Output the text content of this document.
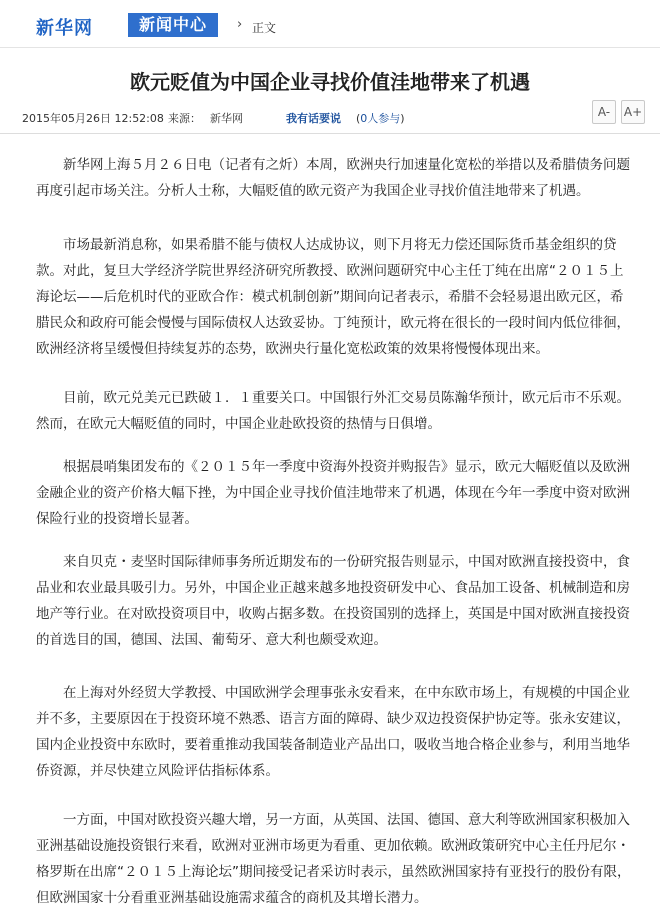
新华网	新闻中心	› 正文
欧元贬值为中国企业寻找价值洼地带来了机遇
2015年05月26日 12:52:08 来源： 新华网	我有话要说 (0人参与)	A-	A+

新华网上海５月２６日电（记者有之炘）本周，欧洲央行加速量化宽松的举措以及希腊债务问题再度引起市场关注。分析人士称，大幅贬值的欧元资产为我国企业寻找价值洼地带来了机遇。

市场最新消息称，如果希腊不能与债权人达成协议，则下月将无力偿还国际货币基金组织的贷款。对此，复旦大学经济学院世界经济研究所教授、欧洲问题研究中心主任丁纯在出席“２０１５上海论坛——后危机时代的亚欧合作：模式机制创新”期间向记者表示，希腊不会轻易退出欧元区，希腊民众和政府可能会慢慢与国际债权人达致妥协。丁纯预计，欧元将在很长的一段时间内低位徘徊，欧洲经济将呈缓慢但持续复苏的态势，欧洲央行量化宽松政策的效果将慢慢体现出来。

目前，欧元兑美元已跌破１．１重要关口。中国银行外汇交易员陈瀚华预计，欧元后市不乐观。然而，在欧元大幅贬值的同时，中国企业赴欧投资的热情与日俱增。

根据晨哨集团发布的《２０１５年一季度中资海外投资并购报告》显示，欧元大幅贬值以及欧洲金融企业的资产价格大幅下挫，为中国企业寻找价值洼地带来了机遇，体现在今年一季度中资对欧洲保险行业的投资增长显著。

来自贝克・麦坚时国际律师事务所近期发布的一份研究报告则显示，中国对欧洲直接投资中，食品业和农业最具吸引力。另外，中国企业正越来越多地投资研发中心、食品加工设备、机械制造和房地产等行业。在对欧投资项目中，收购占据多数。在投资国别的选择上，英国是中国对欧洲直接投资的首选目的国，德国、法国、葡萄牙、意大利也颇受欢迎。

在上海对外经贸大学教授、中国欧洲学会理事张永安看来，在中东欧市场上，有规模的中国企业并不多，主要原因在于投资环境不熟悉、语言方面的障碍、缺少双边投资保护协定等。张永安建议，国内企业投资中东欧时，要着重推动我国装备制造业产品出口，吸收当地合格企业参与，利用当地华侨资源，并尽快建立风险评估指标体系。

一方面，中国对欧投资兴趣大增，另一方面，从英国、法国、德国、意大利等欧洲国家积极加入亚洲基础设施投资银行来看，欧洲对亚洲市场更为看重、更加依赖。欧洲政策研究中心主任丹尼尔・格罗斯在出席“２０１５上海论坛”期间接受记者采访时表示，虽然欧洲国家持有亚投行的股份有限，但欧洲国家十分看重亚洲基础设施需求蕴含的商机及其增长潜力。
